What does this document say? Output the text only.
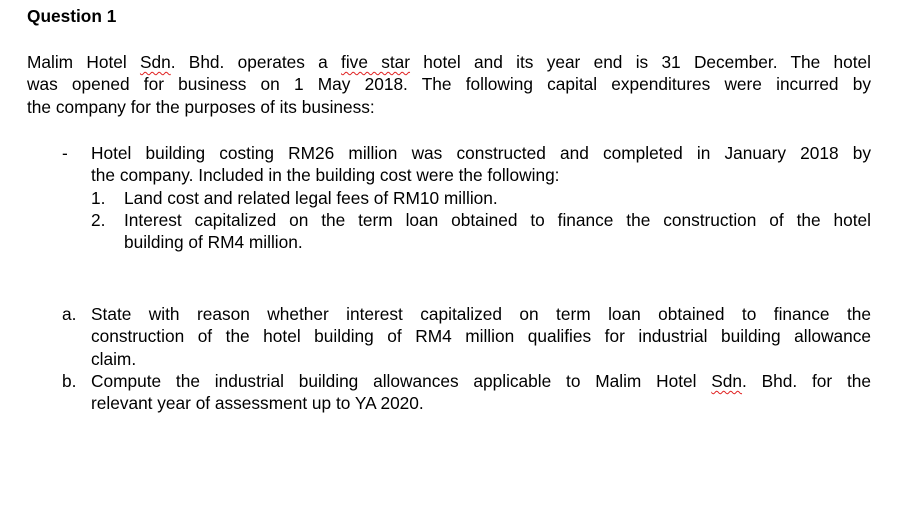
Question 1
Malim Hotel Sdn. Bhd. operates a five star hotel and its year end is 31 December. The hotel
was opened for business on 1 May 2018. The following capital expenditures were incurred by
the company for the purposes of its business:
- Hotel building costing RM26 million was constructed and completed in January 2018 by
the company. Included in the building cost were the following:
1. Land cost and related legal fees of RM10 million.
2. Interest capitalized on the term loan obtained to finance the construction of the hotel
building of RM4 million.
a. State with reason whether interest capitalized on term loan obtained to finance the
construction of the hotel building of RM4 million qualifies for industrial building allowance
claim.
b. Compute the industrial building allowances applicable to Malim Hotel Sdn. Bhd. for the
relevant year of assessment up to YA 2020.
